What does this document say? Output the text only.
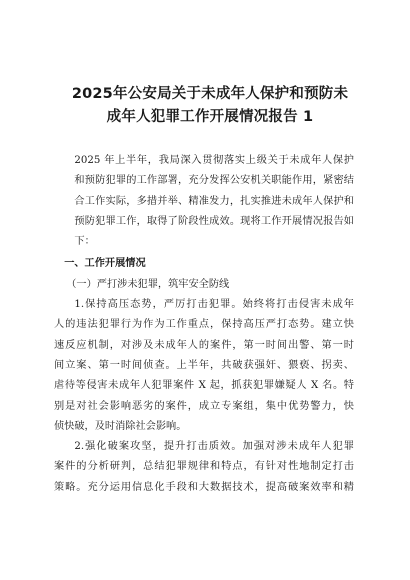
2025年公安局关于未成年人保护和预防未
成年人犯罪工作开展情况报告 1
2025 年上半年，我局深入贯彻落实上级关于未成年人保护
和预防犯罪的工作部署，充分发挥公安机关职能作用，紧密结
合工作实际，多措并举、精准发力，扎实推进未成年人保护和
预防犯罪工作，取得了阶段性成效。现将工作开展情况报告如
下：
一、工作开展情况
（一）严打涉未犯罪，筑牢安全防线
1.保持高压态势，严厉打击犯罪。始终将打击侵害未成年
人的违法犯罪行为作为工作重点，保持高压严打态势。建立快
速反应机制，对涉及未成年人的案件，第一时间出警、第一时
间立案、第一时间侦查。上半年，共破获强奸、猥亵、拐卖、
虐待等侵害未成年人犯罪案件 X 起，抓获犯罪嫌疑人 X 名。特
别是对社会影响恶劣的案件，成立专案组，集中优势警力，快
侦快破，及时消除社会影响。
2.强化破案攻坚，提升打击质效。加强对涉未成年人犯罪
案件的分析研判，总结犯罪规律和特点，有针对性地制定打击
策略。充分运用信息化手段和大数据技术，提高破案效率和精
